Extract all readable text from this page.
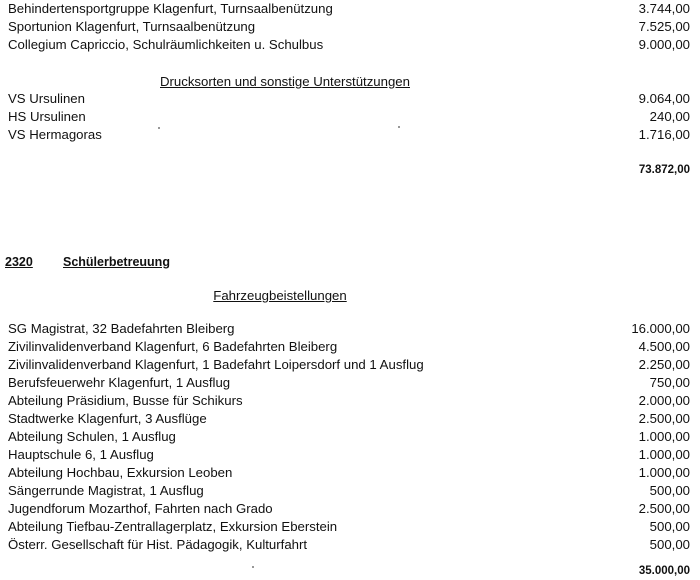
Behindertensportgruppe Klagenfurt, Turnsaalbenützung	3.744,00
Sportunion Klagenfurt, Turnsaalbenützung	7.525,00
Collegium Capriccio, Schulräumlichkeiten u. Schulbus	9.000,00
Drucksorten und sonstige Unterstützungen
VS Ursulinen	9.064,00
HS Ursulinen	240,00
VS Hermagoras	1.716,00
73.872,00
2320 Schülerbetreuung
Fahrzeugbeistellungen
SG Magistrat, 32 Badefahrten Bleiberg	16.000,00
Zivilinvalidenverband Klagenfurt, 6 Badefahrten Bleiberg	4.500,00
Zivilinvalidenverband Klagenfurt, 1 Badefahrt Loipersdorf und 1 Ausflug	2.250,00
Berufsfeuerwehr Klagenfurt, 1 Ausflug	750,00
Abteilung Präsidium, Busse für Schikurs	2.000,00
Stadtwerke Klagenfurt, 3 Ausflüge	2.500,00
Abteilung Schulen, 1 Ausflug	1.000,00
Hauptschule 6, 1 Ausflug	1.000,00
Abteilung Hochbau, Exkursion Leoben	1.000,00
Sängerrunde Magistrat, 1 Ausflug	500,00
Jugendforum Mozarthof, Fahrten nach Grado	2.500,00
Abteilung Tiefbau-Zentrallagerplatz, Exkursion Eberstein	500,00
Österr. Gesellschaft für Hist. Pädagogik, Kulturfahrt	500,00
35.000,00
